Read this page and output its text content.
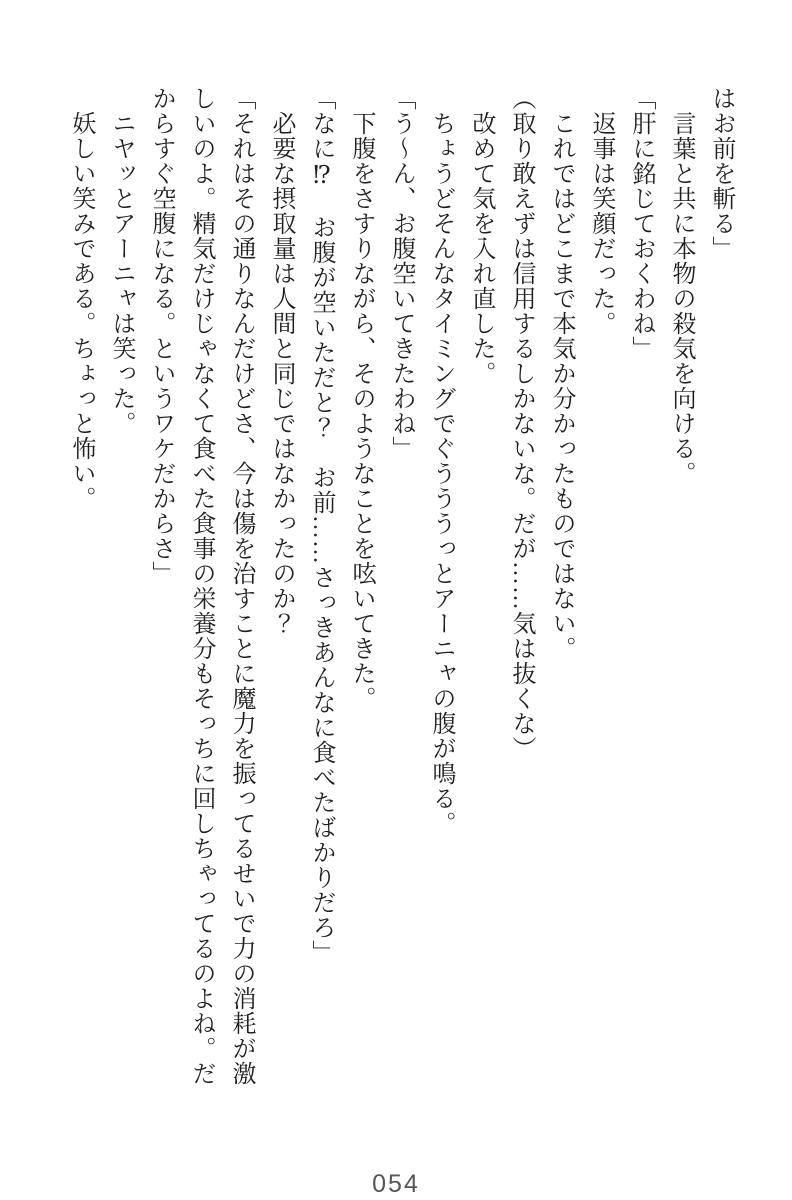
はお前を斬る」
　言葉と共に本物の殺気を向ける。
「肝に銘じておくわね」
　返事は笑顔だった。
　これではどこまで本気か分かったものではない。
（取り敢えずは信用するしかないな。だが……気は抜くな）
　改めて気を入れ直した。
　ちょうどそんなタイミングでぐうううっとアーニャの腹が鳴る。
「う〜ん、お腹空いてきたわね」
　下腹をさすりながら、そのようなことを呟いてきた。
「なに⁉　お腹が空いただと？　お前……さっきあんなに食べたばかりだろ」
　必要な摂取量は人間と同じではなかったのか？
「それはその通りなんだけどさ、今は傷を治すことに魔力を振ってるせいで力の消耗が激
しいのよ。精気だけじゃなくて食べた食事の栄養分もそっちに回しちゃってるのよね。だ
からすぐ空腹になる。というワケだからさ」
　ニヤッとアーニャは笑った。
　妖しい笑みである。ちょっと怖い。
054
